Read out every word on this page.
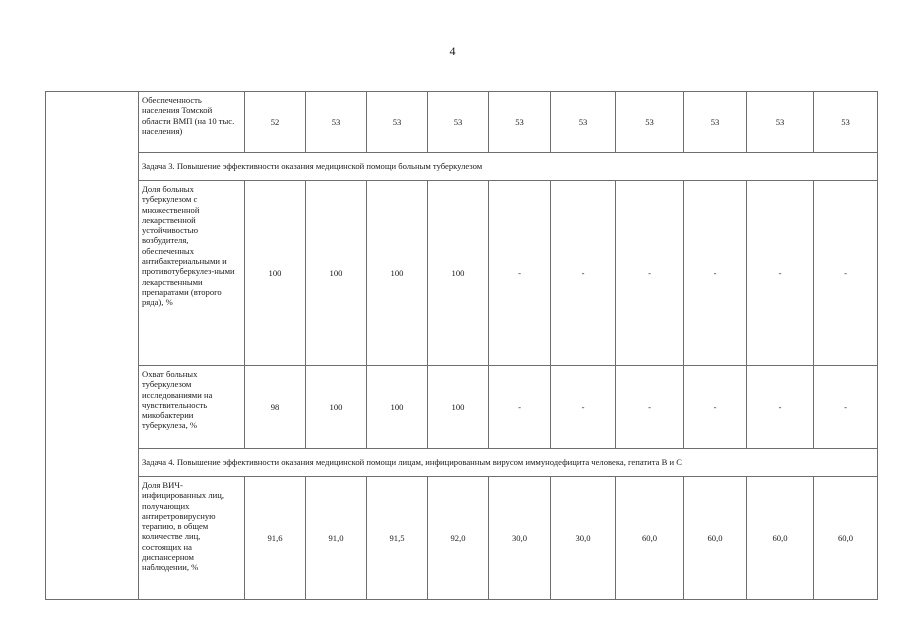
4
	Обеспеченность населения Томской области ВМП (на 10 тыс. населения)	52	53	53	53	53	53	53	53	53	53
	Задача 3. Повышение эффективности оказания медицинской помощи больным туберкулезом										
	Доля больных туберкулезом с множественной лекарственной устойчивостью возбудителя, обеспеченных антибактериальными и противотуберкулез-ными лекарственными препаратами (второго ряда), %	100	100	100	100	-	-	-	-	-	-
	Охват больных туберкулезом исследованиями на чувствительность микобактерии туберкулеза, %	98	100	100	100	-	-	-	-	-	-
	Задача 4. Повышение эффективности оказания медицинской помощи лицам, инфицированным вирусом иммунодефицита человека, гепатита B и C										
	Доля ВИЧ-инфицированных лиц, получающих антиретровирусную терапию, в общем количестве лиц, состоящих на диспансерном наблюдении, %	91,6	91,0	91,5	92,0	30,0	30,0	60,0	60,0	60,0	60,0
